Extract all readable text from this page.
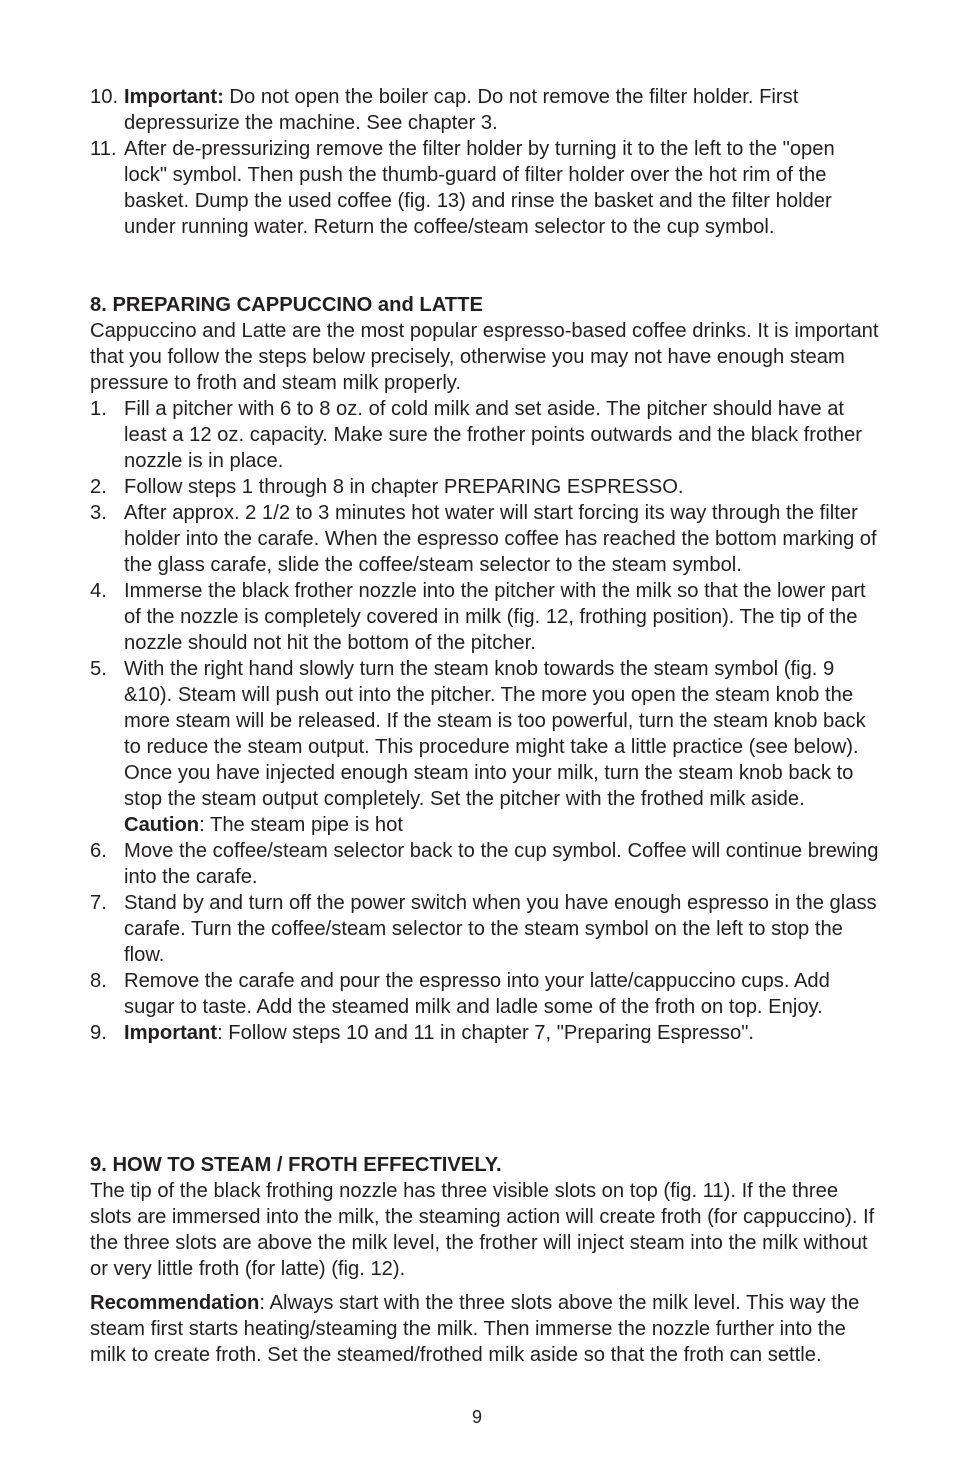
10. Important: Do not open the boiler cap. Do not remove the filter holder. First depressurize the machine. See chapter 3.
11. After de-pressurizing remove the filter holder by turning it to the left to the "open lock" symbol. Then push the thumb-guard of filter holder over the hot rim of the basket. Dump the used coffee (fig. 13) and rinse the basket and the filter holder under running water. Return the coffee/steam selector to the cup symbol.
8. PREPARING CAPPUCCINO and LATTE
Cappuccino and Latte are the most popular espresso-based coffee drinks. It is important that you follow the steps below precisely, otherwise you may not have enough steam pressure to froth and steam milk properly.
1. Fill a pitcher with 6 to 8 oz. of cold milk and set aside. The pitcher should have at least a 12 oz. capacity. Make sure the frother points outwards and the black frother nozzle is in place.
2. Follow steps 1 through 8 in chapter PREPARING ESPRESSO.
3. After approx. 2 1/2 to 3 minutes hot water will start forcing its way through the filter holder into the carafe. When the espresso coffee has reached the bottom marking of the glass carafe, slide the coffee/steam selector to the steam symbol.
4. Immerse the black frother nozzle into the pitcher with the milk so that the lower part of the nozzle is completely covered in milk (fig. 12, frothing position). The tip of the nozzle should not hit the bottom of the pitcher.
5. With the right hand slowly turn the steam knob towards the steam symbol (fig. 9 &10). Steam will push out into the pitcher. The more you open the steam knob the more steam will be released. If the steam is too powerful, turn the steam knob back to reduce the steam output. This procedure might take a little practice (see below). Once you have injected enough steam into your milk, turn the steam knob back to stop the steam output completely. Set the pitcher with the frothed milk aside. Caution: The steam pipe is hot
6. Move the coffee/steam selector back to the cup symbol. Coffee will continue brewing into the carafe.
7. Stand by and turn off the power switch when you have enough espresso in the glass carafe. Turn the coffee/steam selector to the steam symbol on the left to stop the flow.
8. Remove the carafe and pour the espresso into your latte/cappuccino cups. Add sugar to taste. Add the steamed milk and ladle some of the froth on top. Enjoy.
9. Important: Follow steps 10 and 11 in chapter 7, "Preparing Espresso".
9. HOW TO STEAM / FROTH EFFECTIVELY.
The tip of the black frothing nozzle has three visible slots on top (fig. 11). If the three slots are immersed into the milk, the steaming action will create froth (for cappuccino). If the three slots are above the milk level, the frother will inject steam into the milk without or very little froth (for latte) (fig. 12).
Recommendation: Always start with the three slots above the milk level. This way the steam first starts heating/steaming the milk. Then immerse the nozzle further into the milk to create froth. Set the steamed/frothed milk aside so that the froth can settle.
9
